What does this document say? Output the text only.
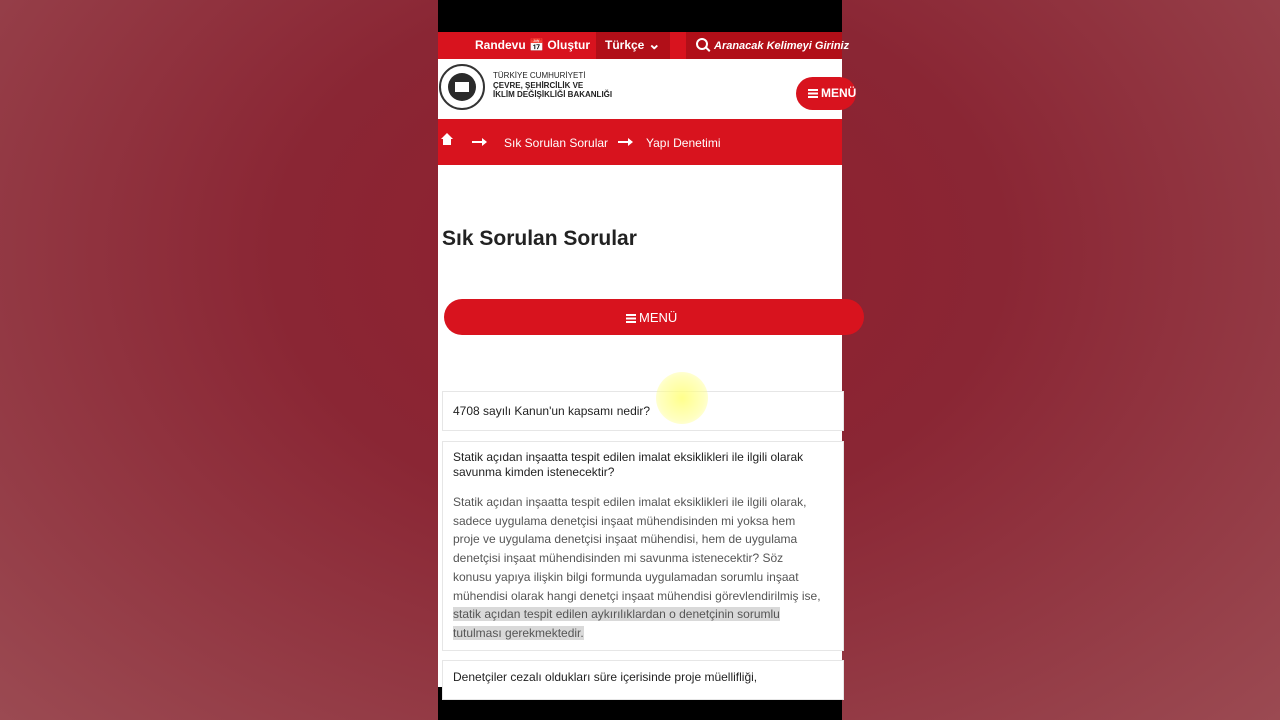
Randevu 📅 Oluştur	Türkçe ⌄	Aranacak Kelimeyi Giriniz
TÜRKİYE CUMHURİYETİ
ÇEVRE, ŞEHİRCİLİK VE
İKLİM DEĞİŞİKLİĞİ BAKANLIĞI	MENÜ
Sık Sorulan Sorular	Yapı Denetimi
Sık Sorulan Sorular
MENÜ
4708 sayılı Kanun'un kapsamı nedir?
Statik açıdan inşaatta tespit edilen imalat eksiklikleri ile ilgili olarak savunma kimden istenecektir?
Statik açıdan inşaatta tespit edilen imalat eksiklikleri ile ilgili olarak, sadece uygulama denetçisi inşaat mühendisinden mi yoksa hem proje ve uygulama denetçisi inşaat mühendisi, hem de uygulama denetçisi inşaat mühendisinden mi savunma istenecektir? Söz konusu yapıya ilişkin bilgi formunda uygulamadan sorumlu inşaat mühendisi olarak hangi denetçi inşaat mühendisi görevlendirilmiş ise, statik açıdan tespit edilen aykırılıklardan o denetçinin sorumlu tutulması gerekmektedir.
Denetçiler cezalı oldukları süre içerisinde proje müellifliği,
